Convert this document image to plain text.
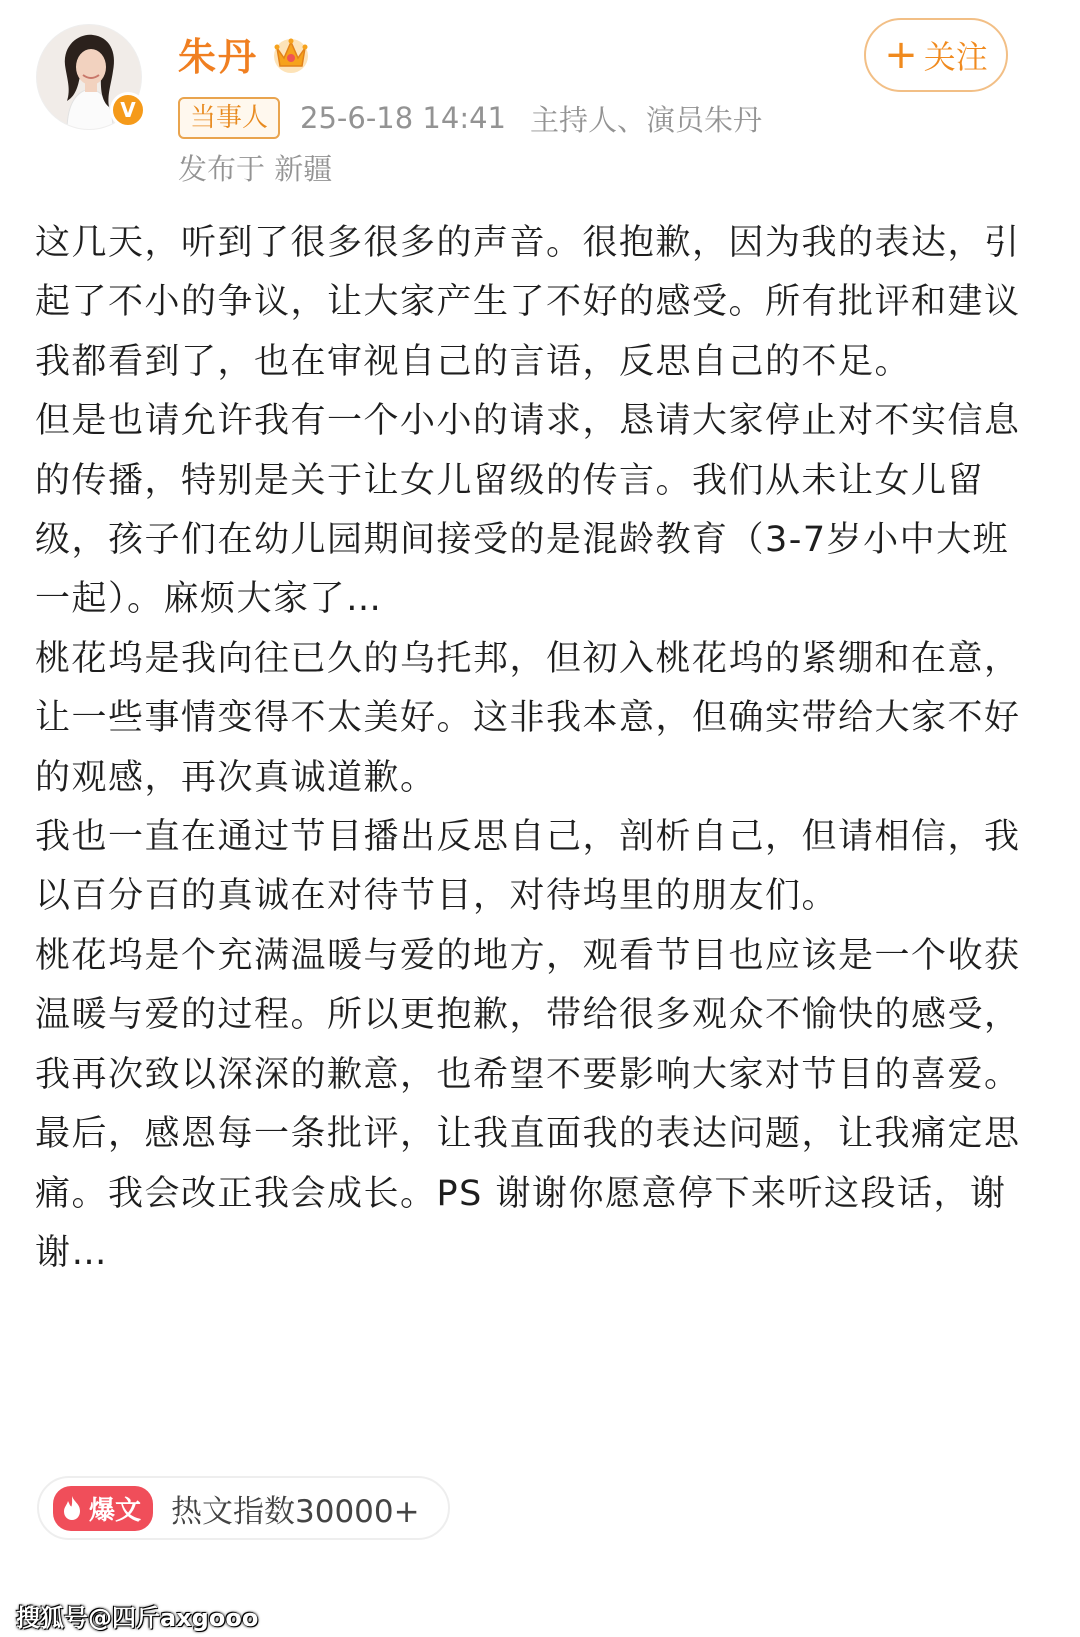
V
朱丹	+ 关注
当事人	25-6-18 14:41 主持人、演员朱丹
发布于 新疆

这几天，听到了很多很多的声音。很抱歉，因为我的表达，引起了不小的争议，让大家产生了不好的感受。所有批评和建议我都看到了，也在审视自己的言语，反思自己的不足。

但是也请允许我有一个小小的请求，恳请大家停止对不实信息的传播，特别是关于让女儿留级的传言。我们从未让女儿留级，孩子们在幼儿园期间接受的是混龄教育（3-7岁小中大班一起）。麻烦大家了…

桃花坞是我向往已久的乌托邦，但初入桃花坞的紧绷和在意，让一些事情变得不太美好。这非我本意，但确实带给大家不好的观感，再次真诚道歉。

我也一直在通过节目播出反思自己，剖析自己，但请相信，我以百分百的真诚在对待节目，对待坞里的朋友们。

桃花坞是个充满温暖与爱的地方，观看节目也应该是一个收获温暖与爱的过程。所以更抱歉，带给很多观众不愉快的感受，我再次致以深深的歉意，也希望不要影响大家对节目的喜爱。

最后，感恩每一条批评，让我直面我的表达问题，让我痛定思痛。我会改正我会成长。PS 谢谢你愿意停下来听这段话，谢谢…

爆文 热文指数30000+
搜狐号@四斤axgooo
